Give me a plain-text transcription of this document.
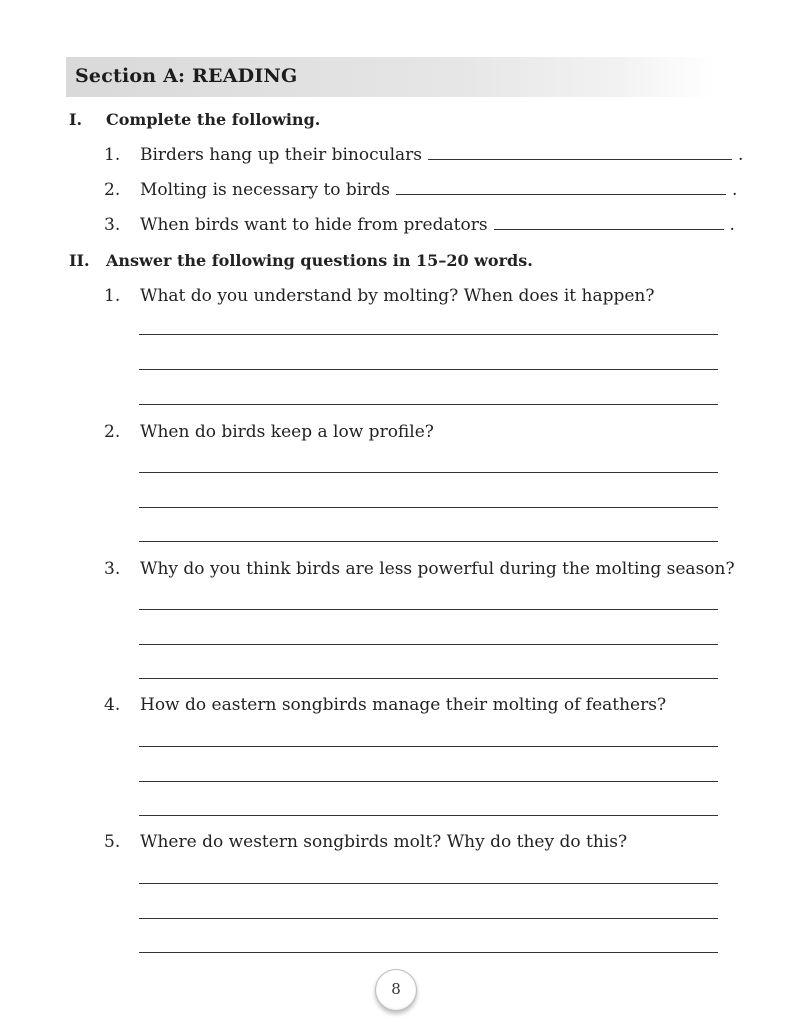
Section A: READING
I. Complete the following.
1. Birders hang up their binoculars	.
2. Molting is necessary to birds	.
3. When birds want to hide from predators	.
II. Answer the following questions in 15–20 words.
1. What do you understand by molting? When does it happen?
2. When do birds keep a low profile?
3. Why do you think birds are less powerful during the molting season?
4. How do eastern songbirds manage their molting of feathers?
5. Where do western songbirds molt? Why do they do this?
8
